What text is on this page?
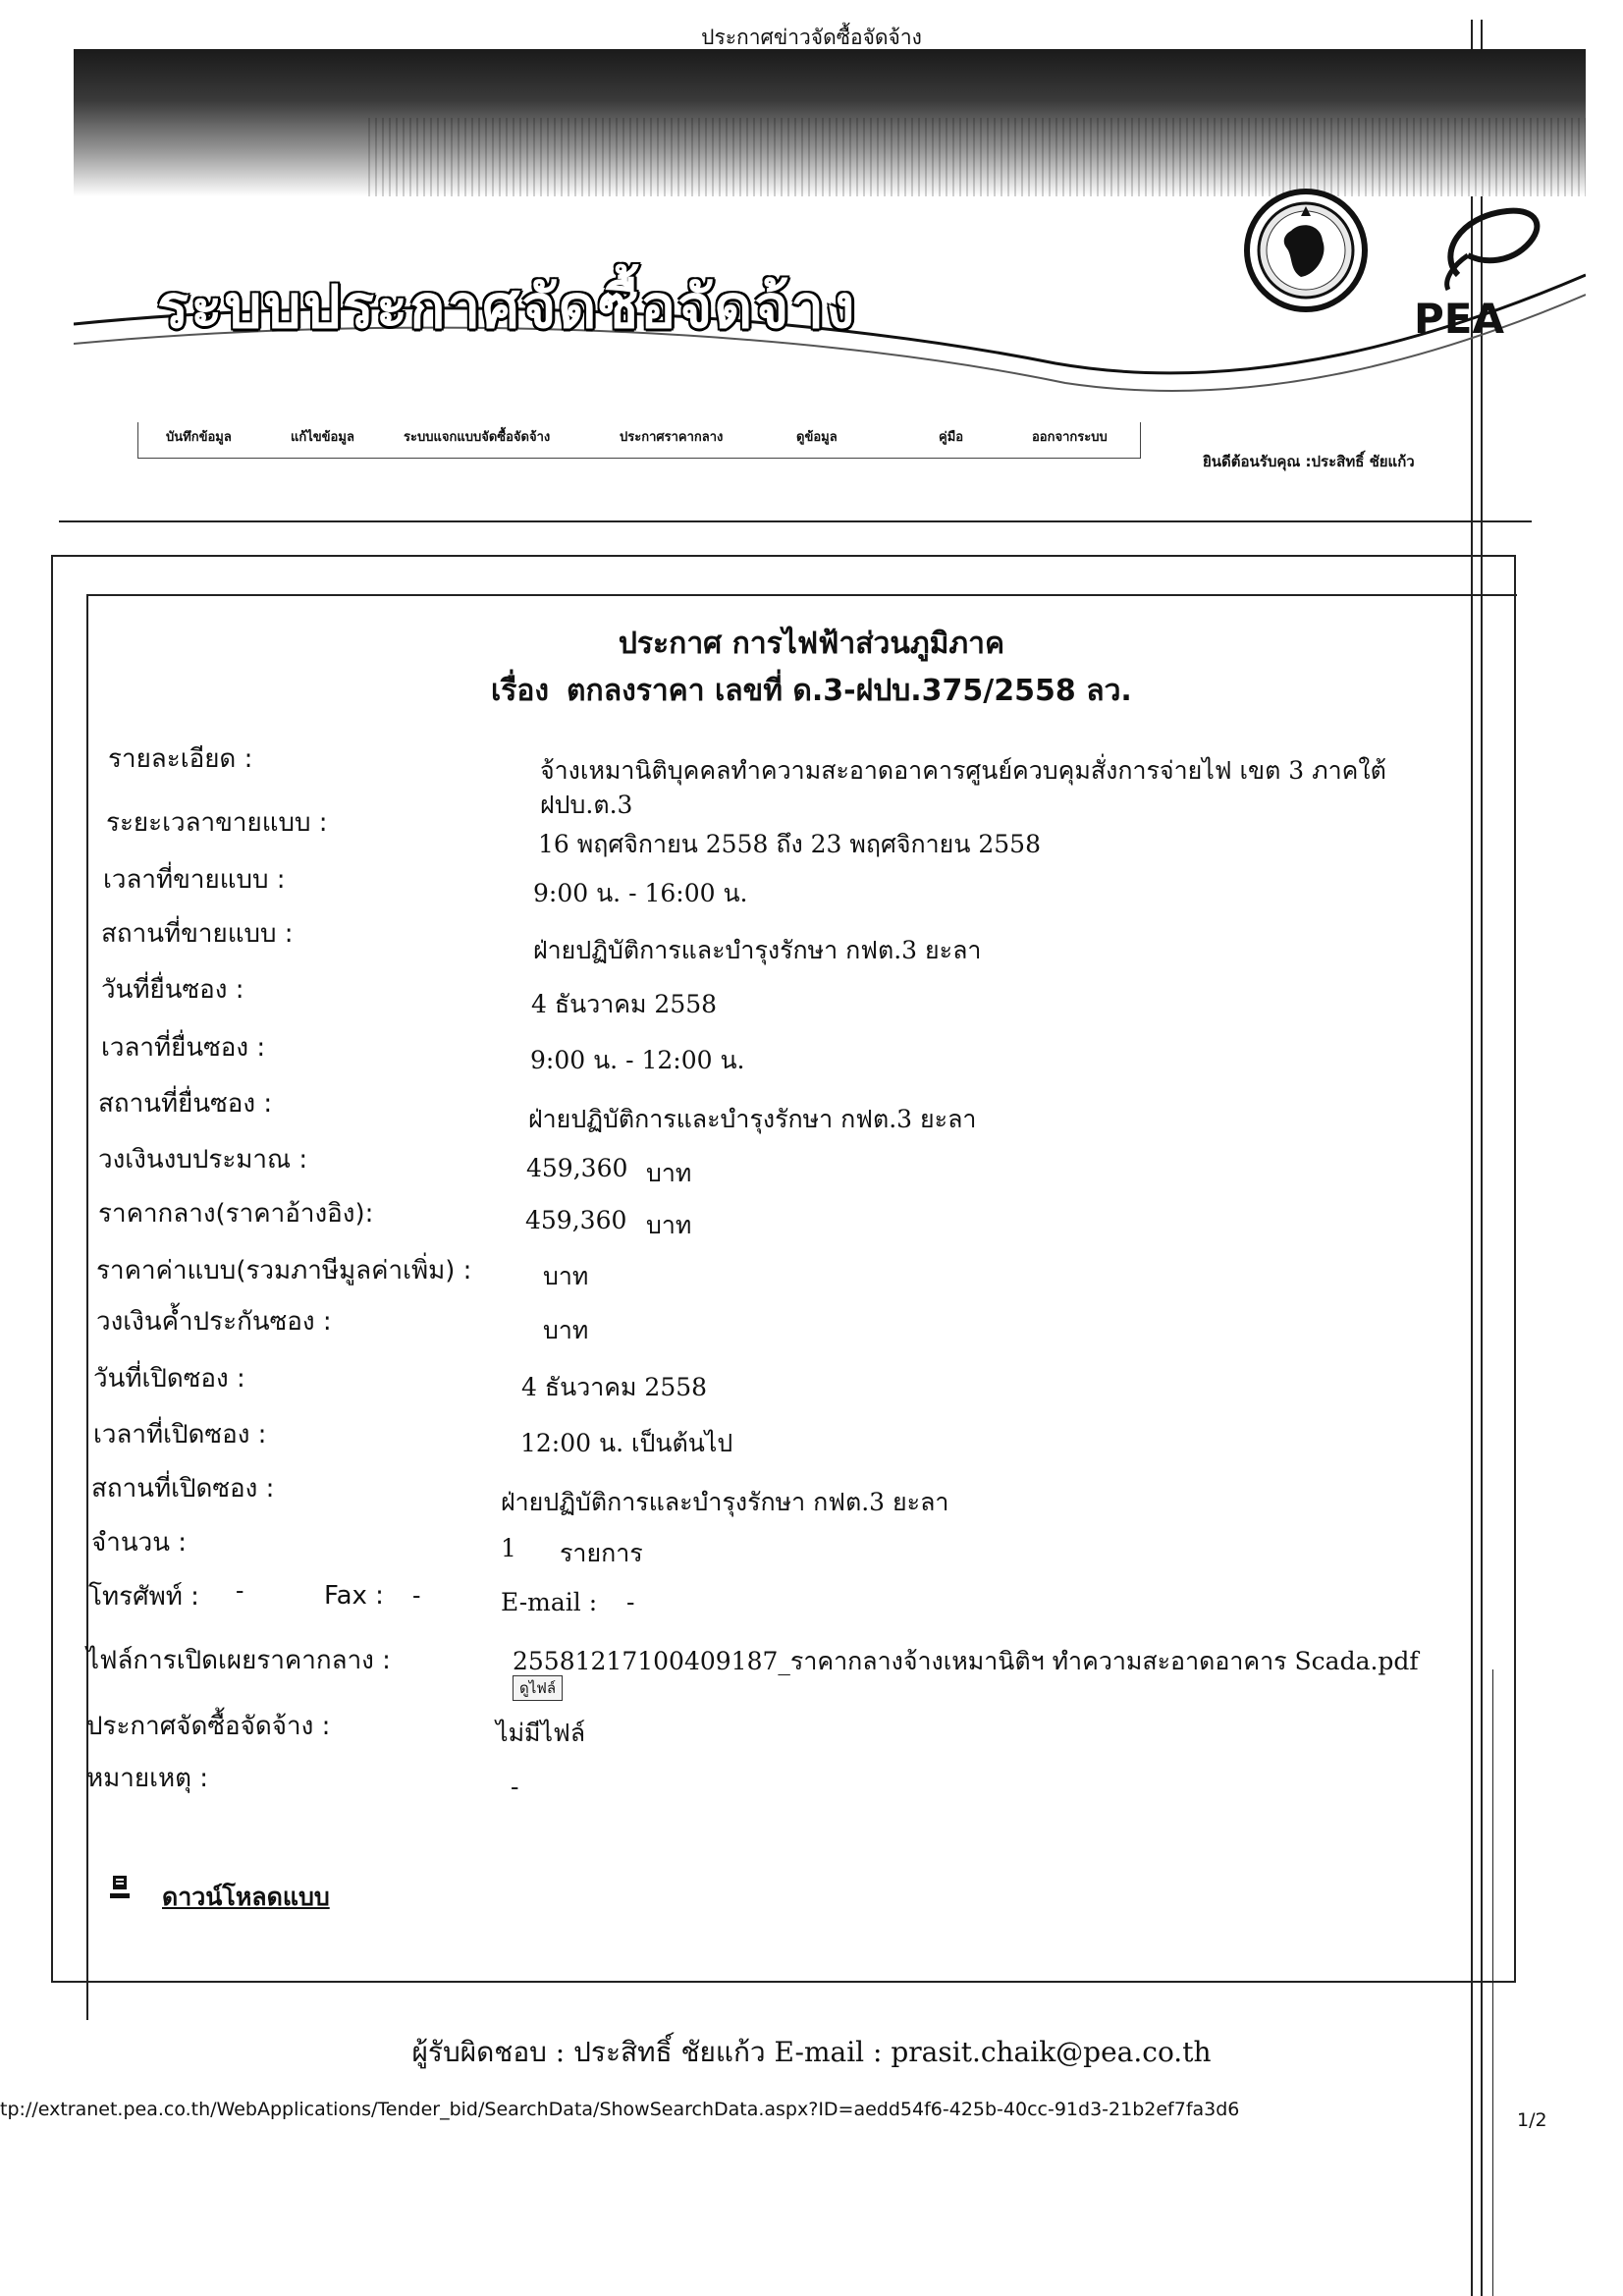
ประกาศข่าวจัดซื้อจัดจ้าง
ระบบประกาศจัดซื้อจัดจ้าง	PEA
บันทึกข้อมูล	แก้ไขข้อมูล	ระบบแจกแบบจัดซื้อจัดจ้าง	ประกาศราคากลาง	ดูข้อมูล	คู่มือ	ออกจากระบบ
ยินดีต้อนรับคุณ :ประสิทธิ์ ชัยแก้ว
ประกาศ การไฟฟ้าส่วนภูมิภาค
เรื่อง ตกลงราคา เลขที่ ด.3-ฝปบ.375/2558 ลว.
รายละเอียด :	จ้างเหมานิติบุคคลทำความสะอาดอาคารศูนย์ควบคุมสั่งการจ่ายไฟ เขต 3 ภาคใต้
ฝปบ.ต.3
ระยะเวลาขายแบบ :
16 พฤศจิกายน 2558 ถึง 23 พฤศจิกายน 2558
เวลาที่ขายแบบ :	9:00 น. - 16:00 น.
สถานที่ขายแบบ :
ฝ่ายปฏิบัติการและบำรุงรักษา กฟต.3 ยะลา
วันที่ยื่นซอง :	4 ธันวาคม 2558
เวลาที่ยื่นซอง :	9:00 น. - 12:00 น.
สถานที่ยื่นซอง :
ฝ่ายปฏิบัติการและบำรุงรักษา กฟต.3 ยะลา
วงเงินงบประมาณ :	459,360 บาท
ราคากลาง(ราคาอ้างอิง):	459,360 บาท
ราคาค่าแบบ(รวมภาษีมูลค่าเพิ่ม) :	บาท
วงเงินค้ำประกันซอง :	บาท
วันที่เปิดซอง :	4 ธันวาคม 2558
เวลาที่เปิดซอง :	12:00 น. เป็นต้นไป
สถานที่เปิดซอง :	ฝ่ายปฏิบัติการและบำรุงรักษา กฟต.3 ยะลา
จำนวน :	1 รายการ
โทรศัพท์ : -	Fax : -	E-mail : -
ไฟล์การเปิดเผยราคากลาง :	25581217100409187_ราคากลางจ้างเหมานิติฯ ทำความสะอาดอาคาร Scada.pdf
ดูไฟล์
ประกาศจัดซื้อจัดจ้าง :	ไม่มีไฟล์
หมายเหตุ :	-
ดาวน์โหลดแบบ
ผู้รับผิดชอบ : ประสิทธิ์ ชัยแก้ว E-mail : prasit.chaik@pea.co.th
tp://extranet.pea.co.th/WebApplications/Tender_bid/SearchData/ShowSearchData.aspx?ID=aedd54f6-425b-40cc-91d3-21b2ef7fa3d6	1/2
